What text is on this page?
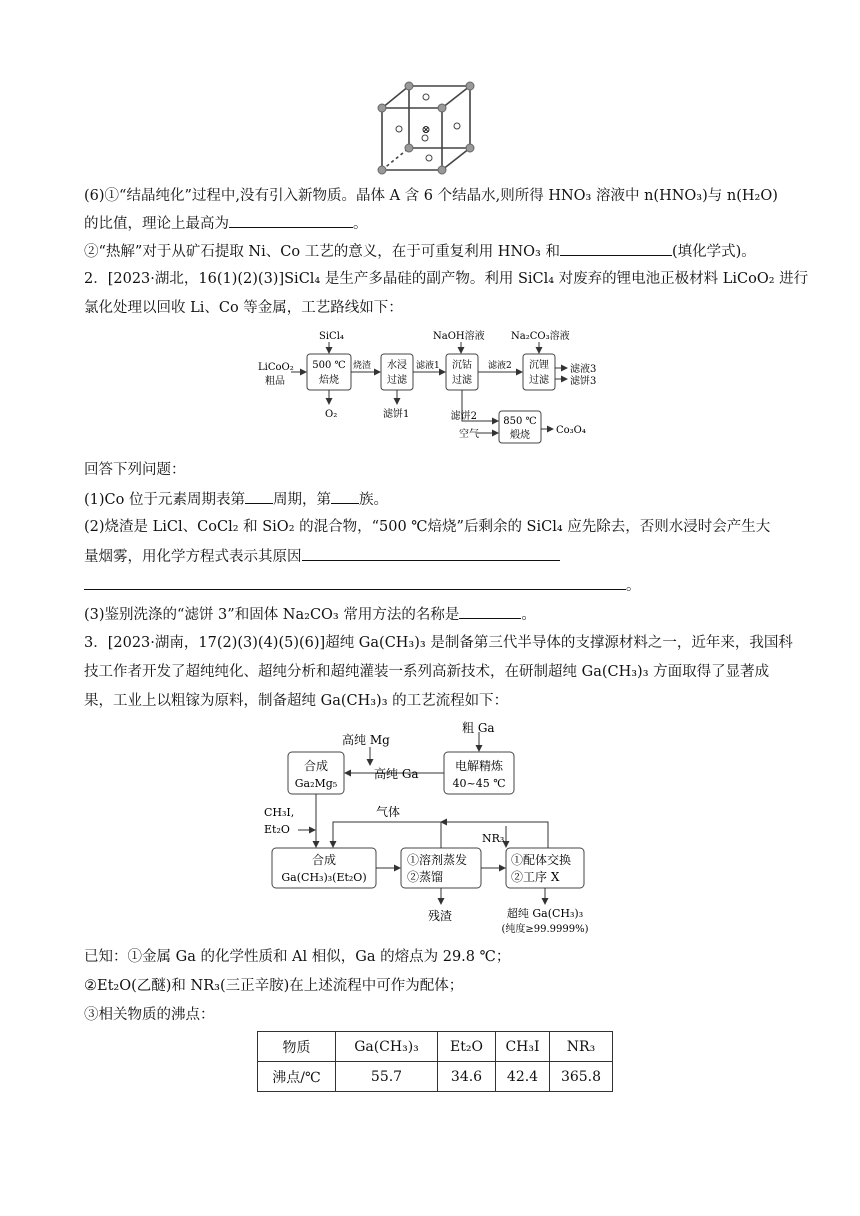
⊗
(6)①“结晶纯化”过程中,没有引入新物质。晶体 A 含 6 个结晶水,则所得 HNO₃ 溶液中 n(HNO₃)与 n(H₂O)
的比值，理论上最高为	。
②“热解”对于从矿石提取 Ni、Co 工艺的意义，在于可重复利用 HNO₃ 和	(填化学式)。
2．[2023·湖北，16(1)(2)(3)]SiCl₄ 是生产多晶硅的副产物。利用 SiCl₄ 对废弃的锂电池正极材料 LiCoO₂ 进行
氯化处理以回收 Li、Co 等金属，工艺路线如下：
SiCl₄	NaOH溶液	Na₂CO₃溶液
LiCoO₂
粗品
500 ℃
焙烧
烧渣 水浸
过滤
滤液1 沉钴
过滤
滤液2 沉锂
过滤
滤液3
滤饼3
O₂	滤饼1	滤饼2
空气
850 ℃
煅烧	Co₃O₄
回答下列问题：
(1)Co 位于元素周期表第 周期，第 族。
(2)烧渣是 LiCl、CoCl₂ 和 SiO₂ 的混合物，“500 ℃焙烧”后剩余的 SiCl₄ 应先除去，否则水浸时会产生大
量烟雾，用化学方程式表示其原因
。
(3)鉴别洗涤的“滤饼 3”和固体 Na₂CO₃ 常用方法的名称是	。
3．[2023·湖南，17(2)(3)(4)(5)(6)]超纯 Ga(CH₃)₃ 是制备第三代半导体的支撑源材料之一，近年来，我国科
技工作者开发了超纯纯化、超纯分析和超纯灌装一系列高新技术，在研制超纯 Ga(CH₃)₃ 方面取得了显著成
果，工业上以粗镓为原料，制备超纯 Ga(CH₃)₃ 的工艺流程如下：
粗 Ga
高纯 Mg
高纯 Ga
合成
Ga₂Mg₅
电解精炼
40~45 ℃
CH₃I,
Et₂O
气体
NR₃
合成
Ga(CH₃)₃(Et₂O)
①溶剂蒸发
②蒸馏
①配体交换
②工序 X
残渣	超纯 Ga(CH₃)₃
(纯度≥99.9999%)
已知：①金属 Ga 的化学性质和 Al 相似，Ga 的熔点为 29.8 ℃；
②Et₂O(乙醚)和 NR₃(三正辛胺)在上述流程中可作为配体；
③相关物质的沸点：
物质	Ga(CH₃)₃	Et₂O	CH₃I	NR₃
沸点/℃	55.7	34.6	42.4	365.8
